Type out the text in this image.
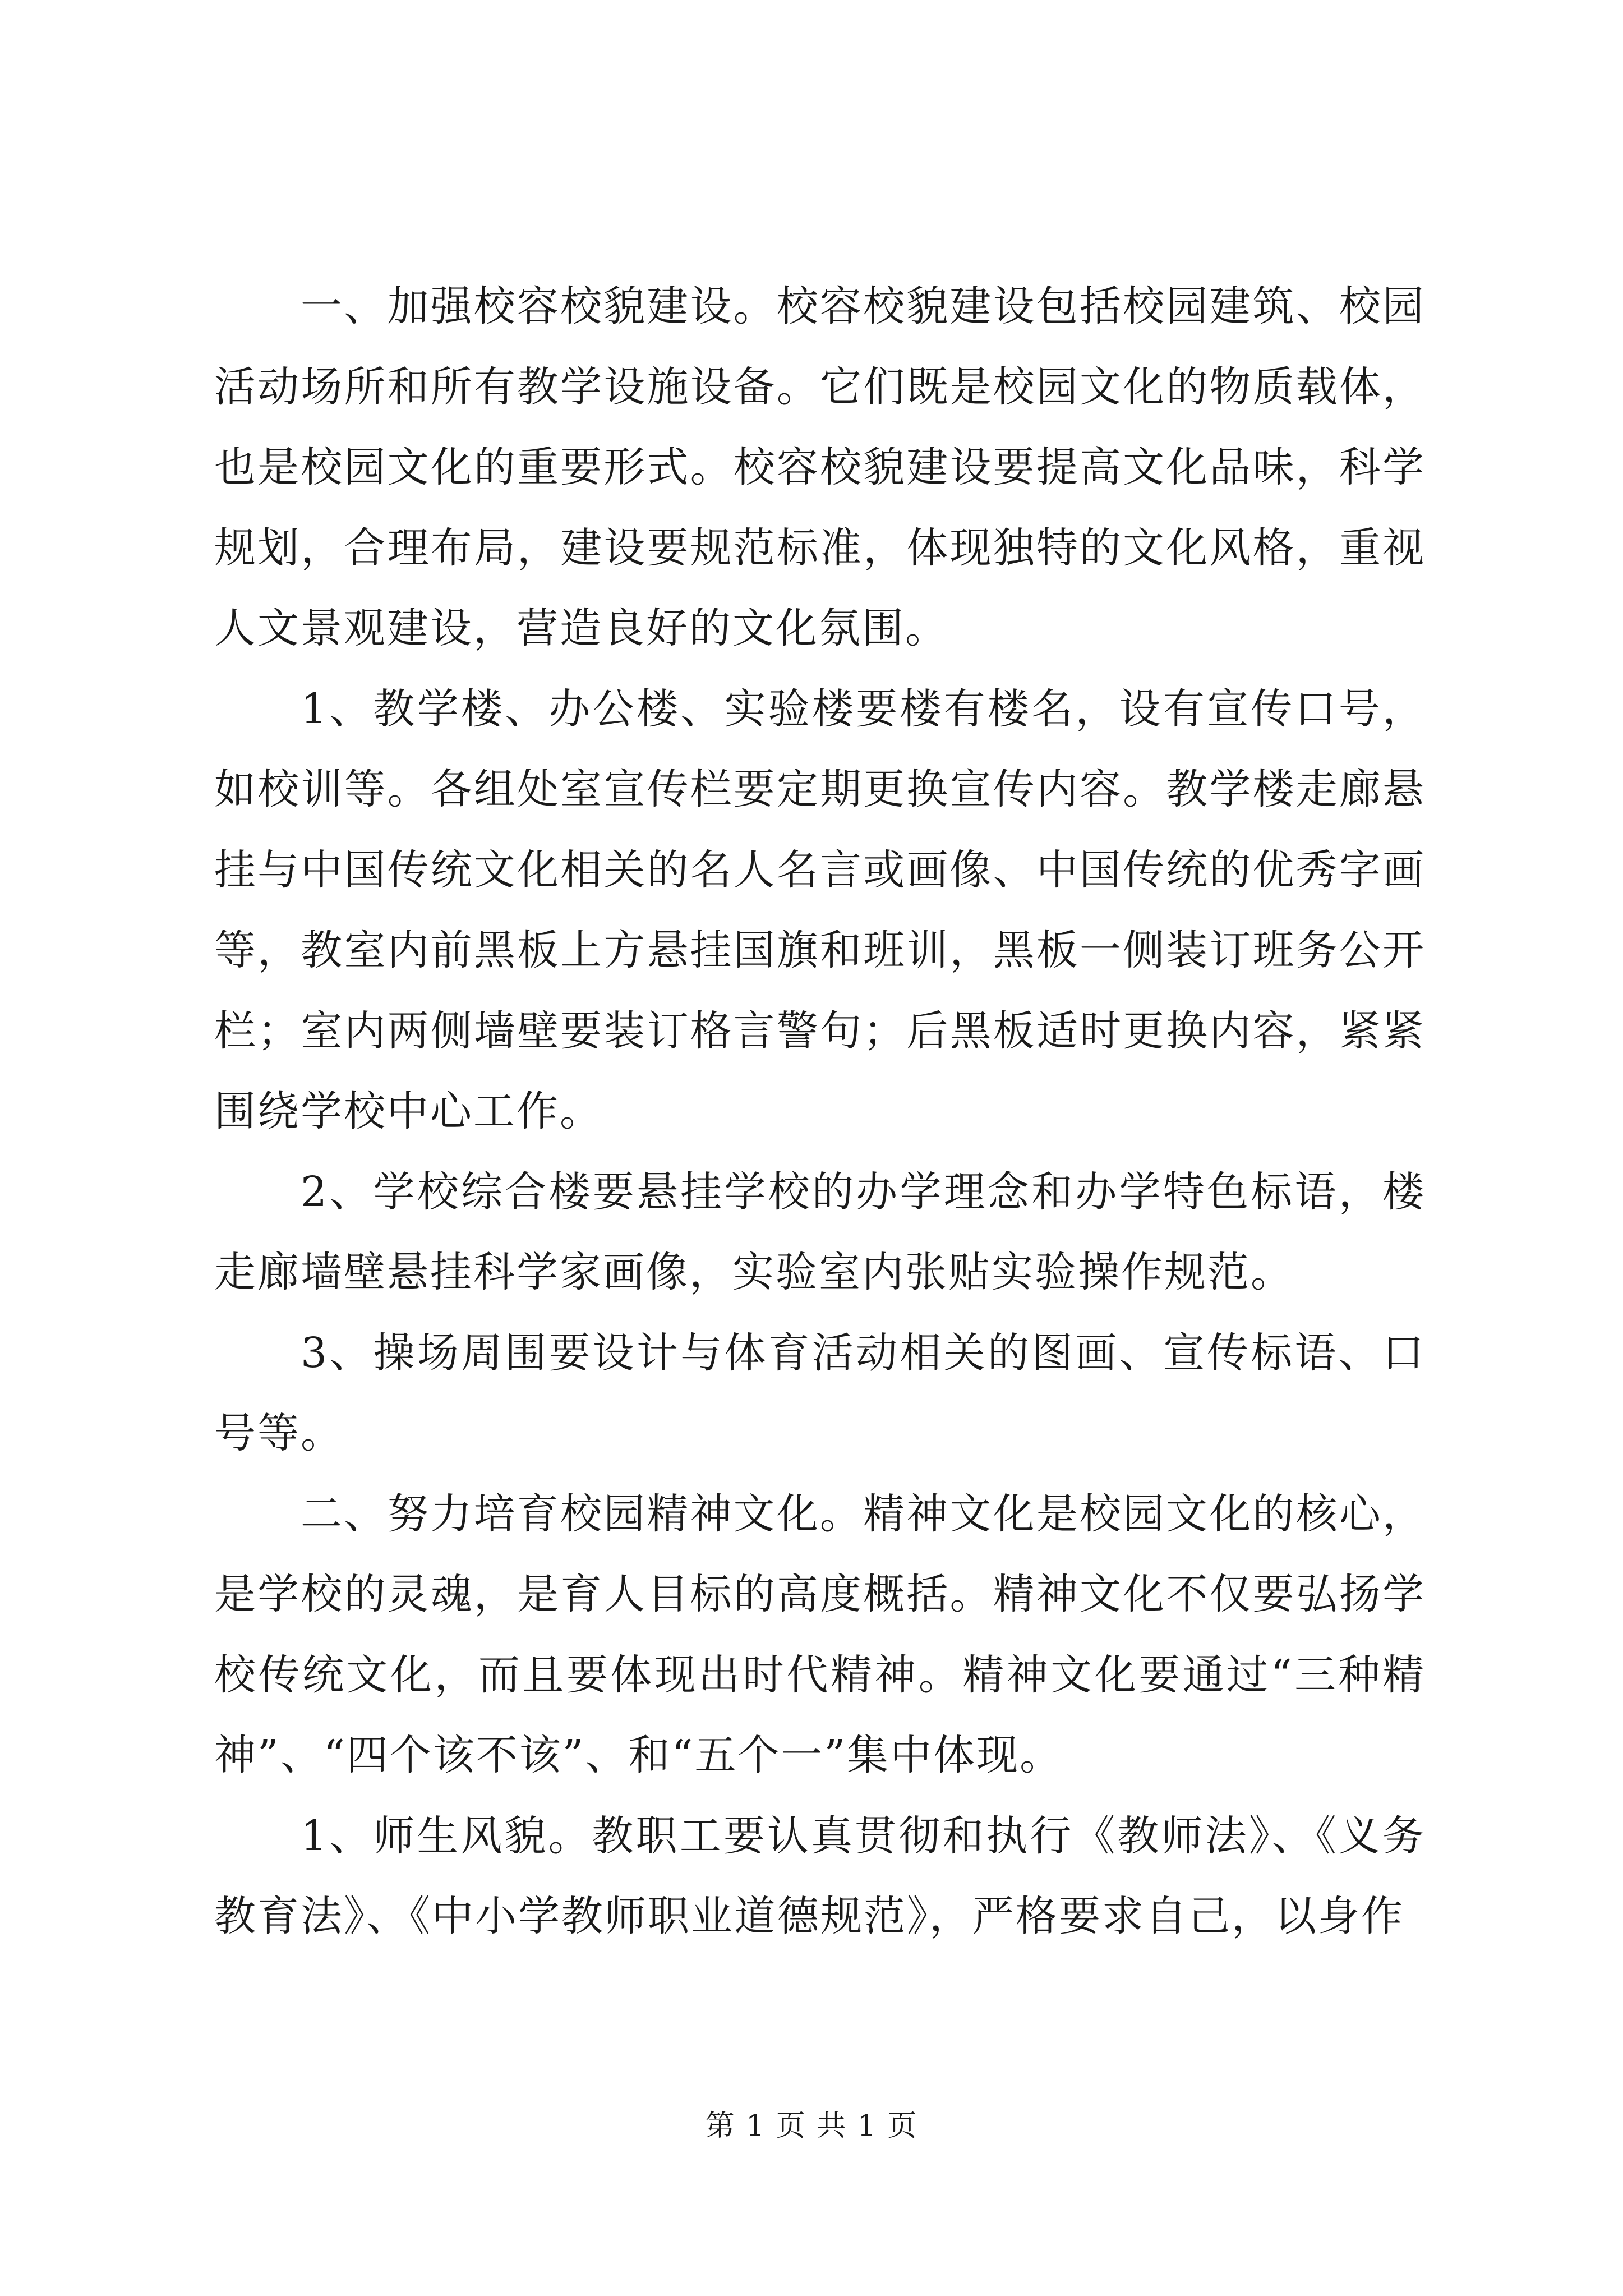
一、加强校容校貌建设。校容校貌建设包括校园建筑、校园活动场所和所有教学设施设备。它们既是校园文化的物质载体，也是校园文化的重要形式。校容校貌建设要提高文化品味，科学规划，合理布局，建设要规范标准，体现独特的文化风格，重视人文景观建设，营造良好的文化氛围。

1、教学楼、办公楼、实验楼要楼有楼名，设有宣传口号，如校训等。各组处室宣传栏要定期更换宣传内容。教学楼走廊悬挂与中国传统文化相关的名人名言或画像、中国传统的优秀字画等，教室内前黑板上方悬挂国旗和班训，黑板一侧装订班务公开栏；室内两侧墙壁要装订格言警句；后黑板适时更换内容，紧紧围绕学校中心工作。

2、学校综合楼要悬挂学校的办学理念和办学特色标语，楼走廊墙壁悬挂科学家画像，实验室内张贴实验操作规范。

3、操场周围要设计与体育活动相关的图画、宣传标语、口号等。

二、努力培育校园精神文化。精神文化是校园文化的核心，是学校的灵魂，是育人目标的高度概括。精神文化不仅要弘扬学校传统文化，而且要体现出时代精神。精神文化要通过“三种精神”、“四个该不该”、和“五个一”集中体现。

1、师生风貌。教职工要认真贯彻和执行《教师法》、《义务教育法》、《中小学教师职业道德规范》，严格要求自己，以身作

第 1 页 共 1 页
